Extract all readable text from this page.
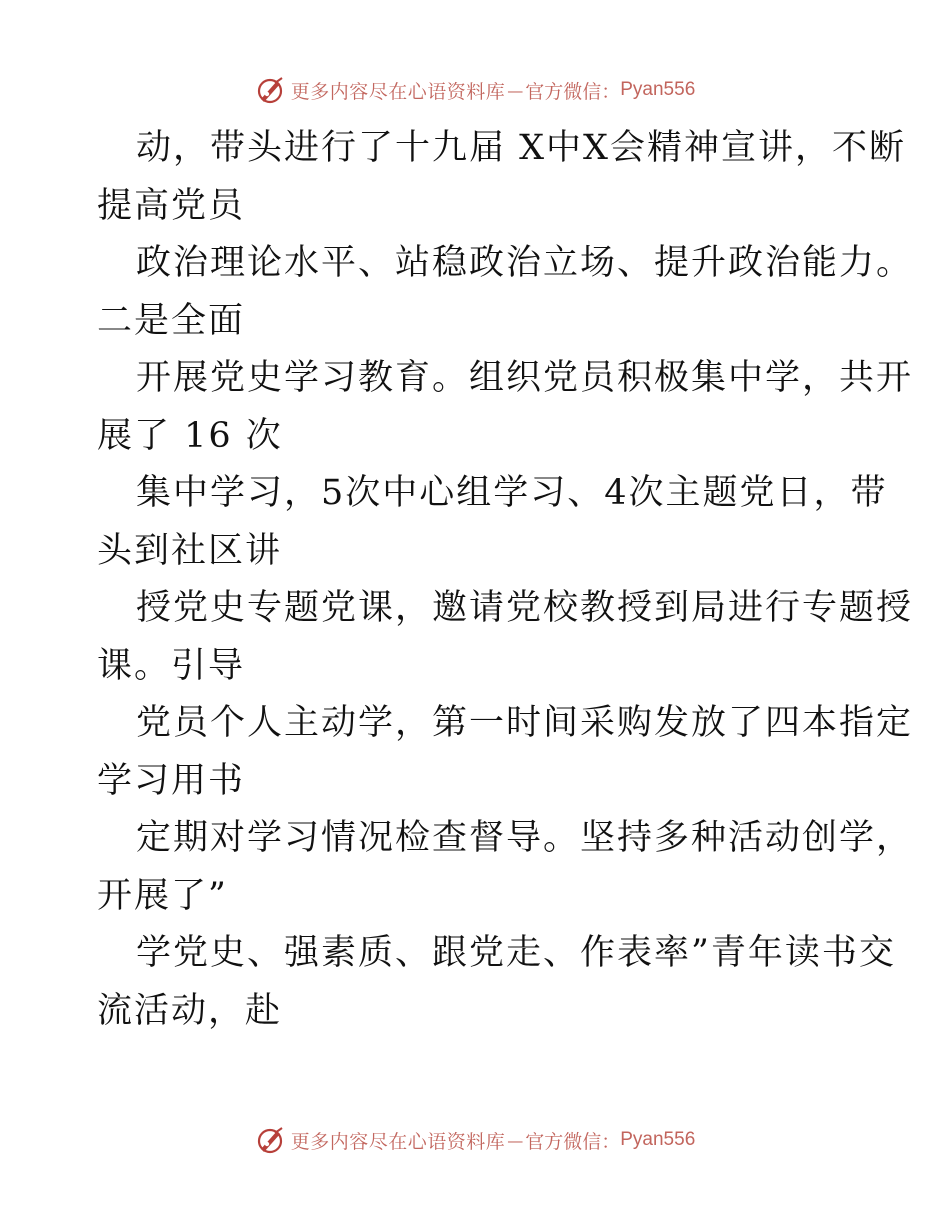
更多内容尽在心语资料库 — 官方微信： Pyan556
动，带头进行了十九届 X中X会精神宣讲，不断
提高党员
政治理论水平、站稳政治立场、提升政治能力。
二是全面
开展党史学习教育。组织党员积极集中学，共开
展了 16 次
集中学习，5次中心组学习、4次主题党日，带
头到社区讲
授党史专题党课，邀请党校教授到局进行专题授
课。引导
党员个人主动学，第一时间采购发放了四本指定
学习用书
定期对学习情况检查督导。坚持多种活动创学，
开展了”
学党史、强素质、跟党走、作表率”青年读书交
流活动，赴
更多内容尽在心语资料库 — 官方微信： Pyan556
